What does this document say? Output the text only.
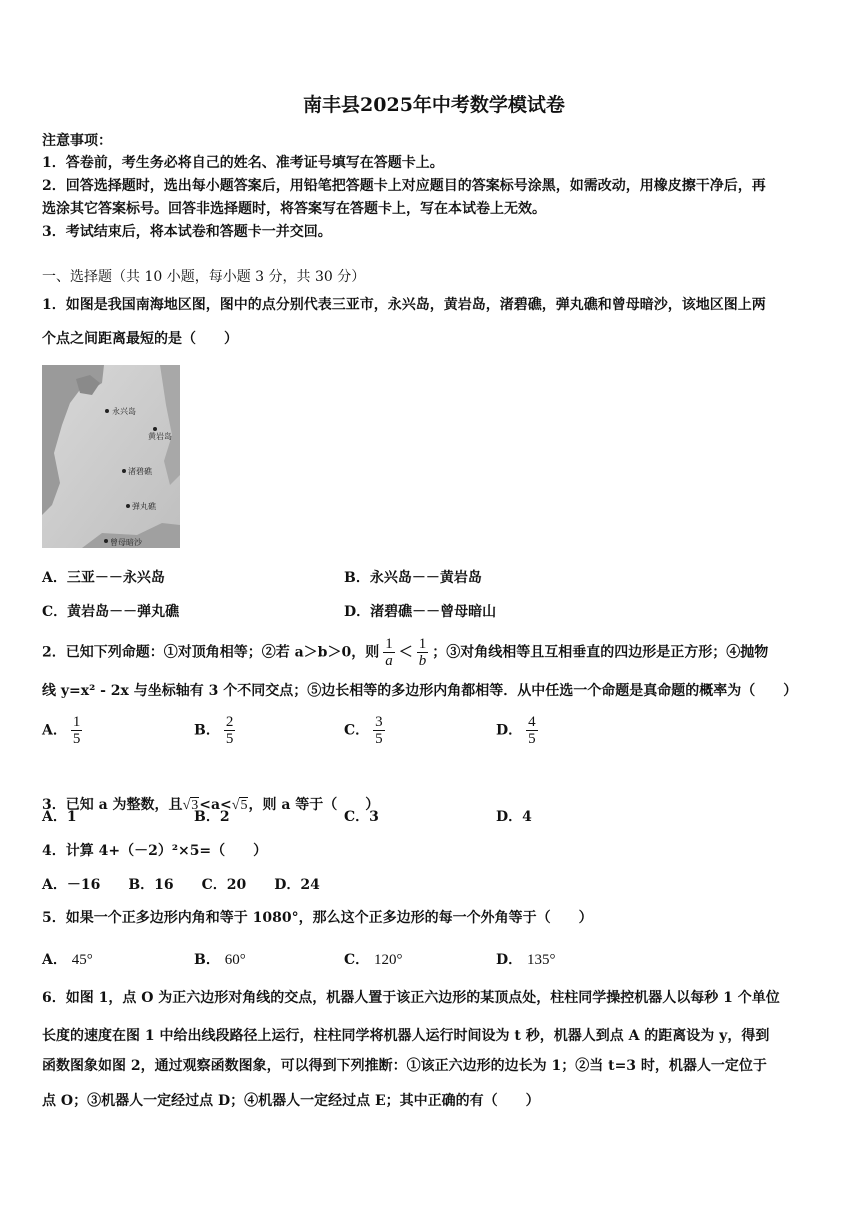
南丰县2025年中考数学模试卷
注意事项：
1．答卷前，考生务必将自己的姓名、准考证号填写在答题卡上。
2．回答选择题时，选出每小题答案后，用铅笔把答题卡上对应题目的答案标号涂黑，如需改动，用橡皮擦干净后，再
选涂其它答案标号。回答非选择题时，将答案写在答题卡上，写在本试卷上无效。
3．考试结束后，将本试卷和答题卡一并交回。
一、选择题（共 10 小题，每小题 3 分，共 30 分）
1．如图是我国南海地区图，图中的点分别代表三亚市，永兴岛，黄岩岛，渚碧礁，弹丸礁和曾母暗沙，该地区图上两
个点之间距离最短的是（　　）
永兴岛
黄岩岛
渚碧礁
弹丸礁
曾母暗沙
A．三亚－－永兴岛	B．永兴岛－－黄岩岛
C．黄岩岛－－弹丸礁	D．渚碧礁－－曾母暗山
2．已知下列命题：①对顶角相等；②若 a＞b＞0，则 $\frac{1}{a} < \frac{1}{b}$ ；③对角线相等且互相垂直的四边形是正方形；④抛物
线 y=x² - 2x 与坐标轴有 3 个不同交点；⑤边长相等的多边形内角都相等．从中任选一个命题是真命题的概率为（　　）
A． $\frac{1}{5}$	B． $\frac{2}{5}$	C． $\frac{3}{5}$	D． $\frac{4}{5}$
3．已知 a 为整数，且√3<a<√5，则 a 等于（　　）
A．1	B．2	C．3	D．4
4．计算 4+（－2）²×5=（　　）
A．－16　　B．16　　C．20　　D．24
5．如果一个正多边形内角和等于 1080°，那么这个正多边形的每一个外角等于（　　）
A． 45°	B． 60°	C． 120°	D． 135°
6．如图 1，点 O 为正六边形对角线的交点，机器人置于该正六边形的某顶点处，柱柱同学操控机器人以每秒 1 个单位
长度的速度在图 1 中给出线段路径上运行，柱柱同学将机器人运行时间设为 t 秒，机器人到点 A 的距离设为 y，得到
函数图象如图 2，通过观察函数图象，可以得到下列推断：①该正六边形的边长为 1；②当 t=3 时，机器人一定位于
点 O；③机器人一定经过点 D；④机器人一定经过点 E；其中正确的有（　　）
